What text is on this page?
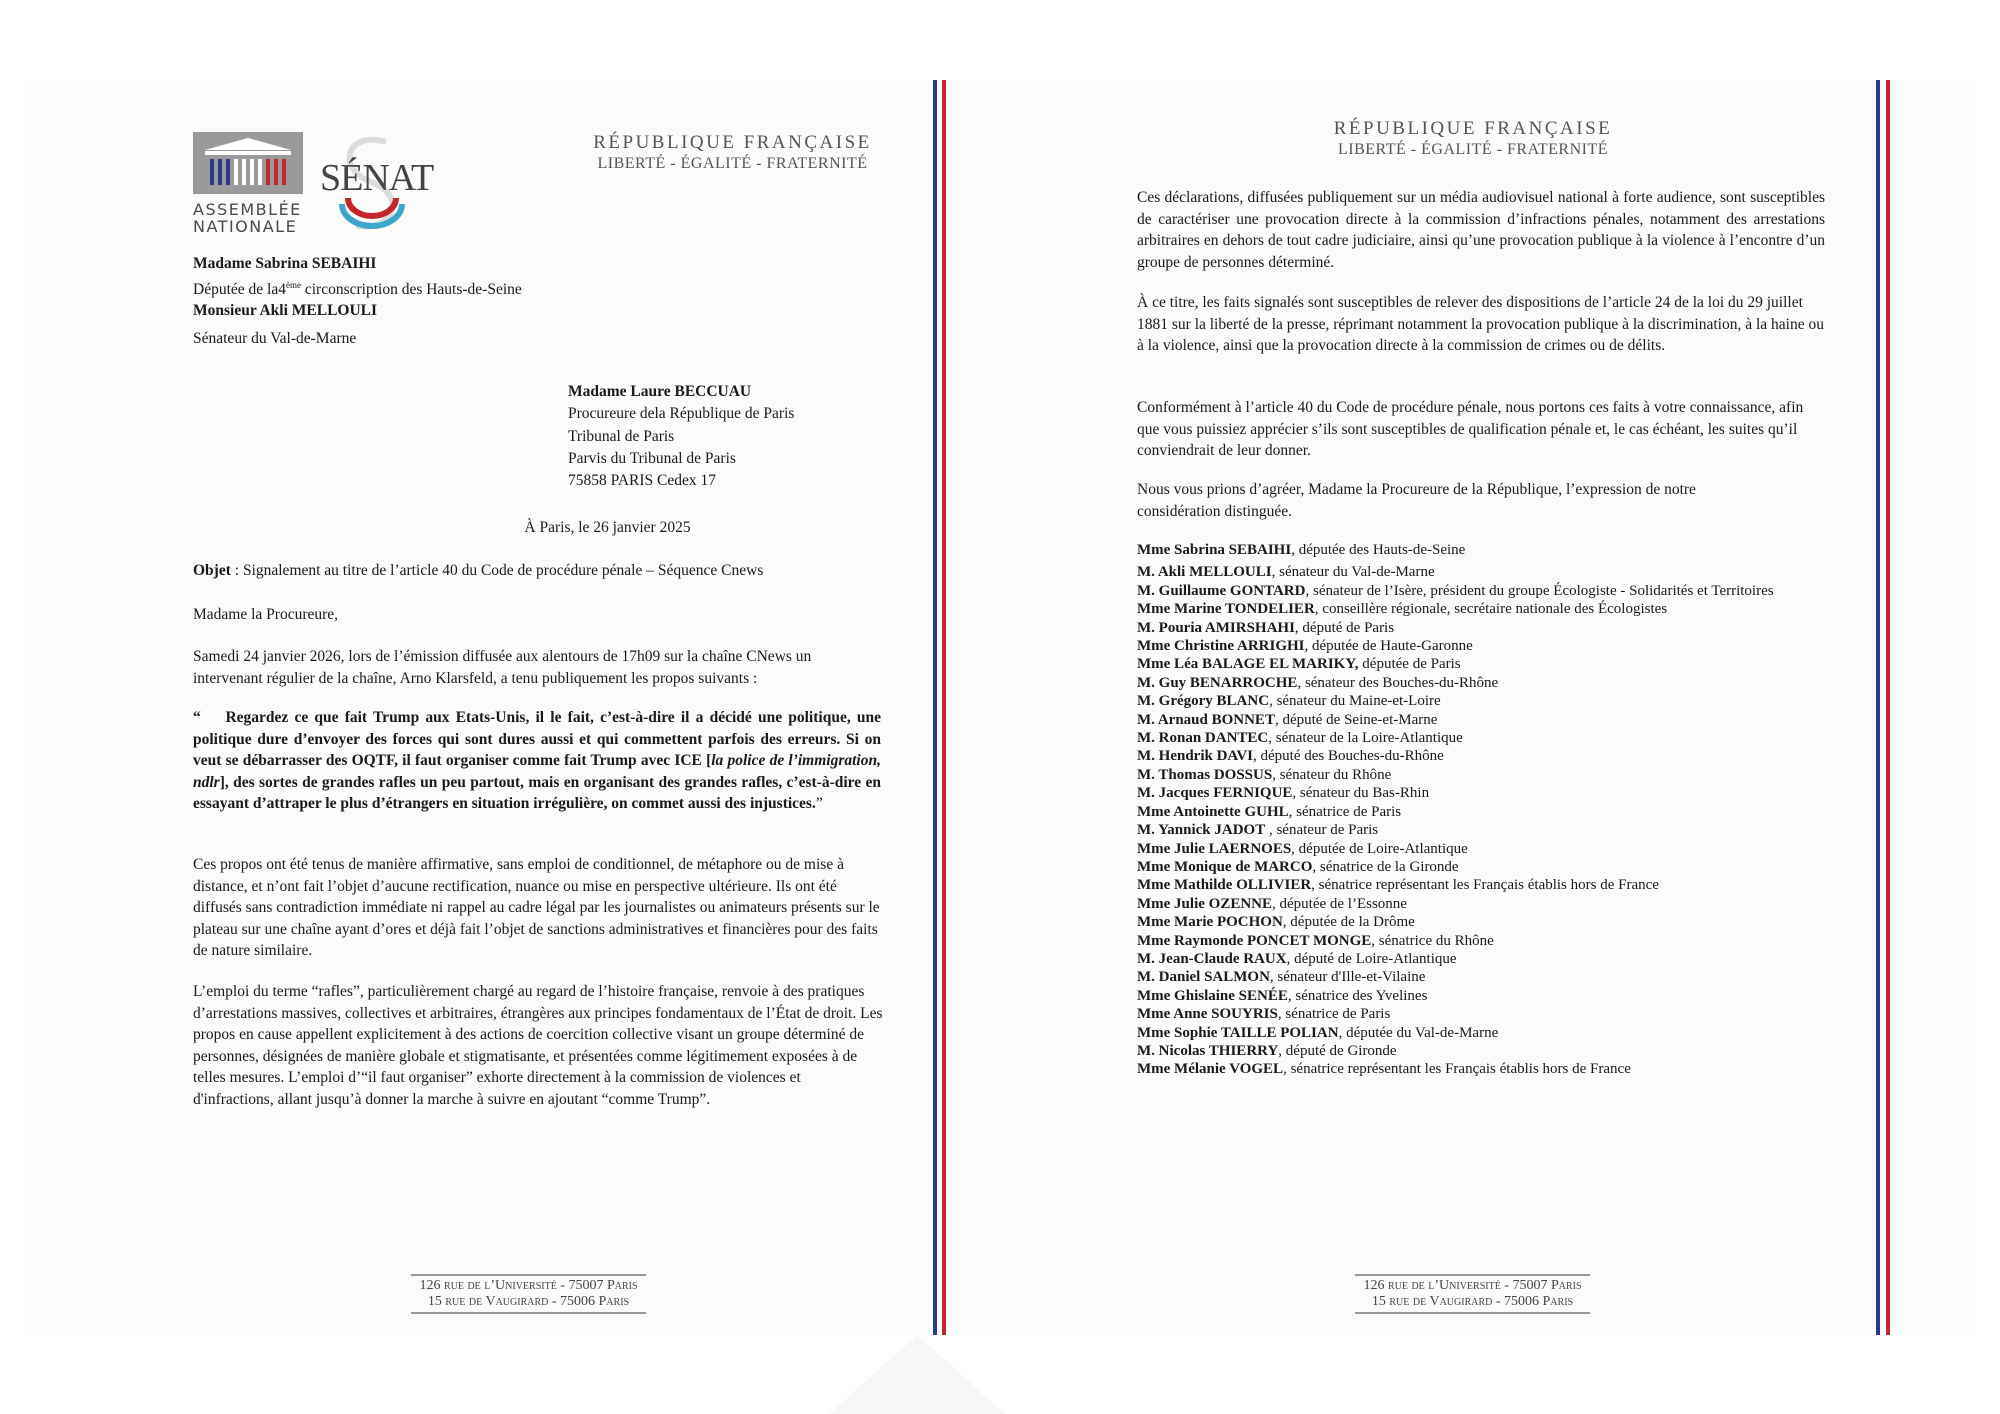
ASSEMBLÉE
NATIONALE
SÉNAT
RÉPUBLIQUE FRANÇAISE
LIBERTÉ - ÉGALITÉ - FRATERNITÉ
Madame Sabrina SEBAIHI
Députée de la4ème circonscription des Hauts-de-Seine
Monsieur Akli MELLOULI
Sénateur du Val-de-Marne
Madame Laure BECCUAU
Procureure dela République de Paris
Tribunal de Paris
Parvis du Tribunal de Paris
75858 PARIS Cedex 17
À Paris, le 26 janvier 2025
Objet : Signalement au titre de l’article 40 du Code de procédure pénale – Séquence Cnews
Madame la Procureure,
Samedi 24 janvier 2026, lors de l’émission diffusée aux alentours de 17h09 sur la chaîne CNews un intervenant régulier de la chaîne, Arno Klarsfeld, a tenu publiquement les propos suivants :
“ Regardez ce que fait Trump aux Etats-Unis, il le fait, c’est-à-dire il a décidé une politique, une politique dure d’envoyer des forces qui sont dures aussi et qui commettent parfois des erreurs. Si on veut se débarrasser des OQTF, il faut organiser comme fait Trump avec ICE [la police de l’immigration, ndlr], des sortes de grandes rafles un peu partout, mais en organisant des grandes rafles, c’est-à-dire en essayant d’attraper le plus d’étrangers en situation irrégulière, on commet aussi des injustices.”
Ces propos ont été tenus de manière affirmative, sans emploi de conditionnel, de métaphore ou de mise à distance, et n’ont fait l’objet d’aucune rectification, nuance ou mise en perspective ultérieure. Ils ont été diffusés sans contradiction immédiate ni rappel au cadre légal par les journalistes ou animateurs présents sur le plateau sur une chaîne ayant d’ores et déjà fait l’objet de sanctions administratives et financières pour des faits de nature similaire.
L’emploi du terme “rafles”, particulièrement chargé au regard de l’histoire française, renvoie à des pratiques d’arrestations massives, collectives et arbitraires, étrangères aux principes fondamentaux de l’État de droit. Les propos en cause appellent explicitement à des actions de coercition collective visant un groupe déterminé de personnes, désignées de manière globale et stigmatisante, et présentées comme légitimement exposées à de telles mesures. L’emploi d’“il faut organiser” exhorte directement à la commission de violences et d'infractions, allant jusqu’à donner la marche à suivre en ajoutant “comme Trump”.
126 rue de l’Université - 75007 Paris
15 rue de Vaugirard - 75006 Paris
RÉPUBLIQUE FRANÇAISE
LIBERTÉ - ÉGALITÉ - FRATERNITÉ
Ces déclarations, diffusées publiquement sur un média audiovisuel national à forte audience, sont susceptibles de caractériser une provocation directe à la commission d’infractions pénales, notamment des arrestations arbitraires en dehors de tout cadre judiciaire, ainsi qu’une provocation publique à la violence à l’encontre d’un groupe de personnes déterminé.
À ce titre, les faits signalés sont susceptibles de relever des dispositions de l’article 24 de la loi du 29 juillet 1881 sur la liberté de la presse, réprimant notamment la provocation publique à la discrimination, à la haine ou à la violence, ainsi que la provocation directe à la commission de crimes ou de délits.
Conformément à l’article 40 du Code de procédure pénale, nous portons ces faits à votre connaissance, afin que vous puissiez apprécier s’ils sont susceptibles de qualification pénale et, le cas échéant, les suites qu’il conviendrait de leur donner.
Nous vous prions d’agréer, Madame la Procureure de la République, l’expression de notre considération distinguée.
Mme Sabrina SEBAIHI, députée des Hauts-de-Seine
M. Akli MELLOULI, sénateur du Val-de-Marne
M. Guillaume GONTARD, sénateur de l’Isère, président du groupe Écologiste - Solidarités et Territoires
Mme Marine TONDELIER, conseillère régionale, secrétaire nationale des Écologistes
M. Pouria AMIRSHAHI, député de Paris
Mme Christine ARRIGHI, députée de Haute-Garonne
Mme Léa BALAGE EL MARIKY, députée de Paris
M. Guy BENARROCHE, sénateur des Bouches-du-Rhône
M. Grégory BLANC, sénateur du Maine-et-Loire
M. Arnaud BONNET, député de Seine-et-Marne
M. Ronan DANTEC, sénateur de la Loire-Atlantique
M. Hendrik DAVI, député des Bouches-du-Rhône
M. Thomas DOSSUS, sénateur du Rhône
M. Jacques FERNIQUE, sénateur du Bas-Rhin
Mme Antoinette GUHL, sénatrice de Paris
M. Yannick JADOT , sénateur de Paris
Mme Julie LAERNOES, députée de Loire-Atlantique
Mme Monique de MARCO, sénatrice de la Gironde
Mme Mathilde OLLIVIER, sénatrice représentant les Français établis hors de France
Mme Julie OZENNE, députée de l’Essonne
Mme Marie POCHON, députée de la Drôme
Mme Raymonde PONCET MONGE, sénatrice du Rhône
M. Jean-Claude RAUX, député de Loire-Atlantique
M. Daniel SALMON, sénateur d'Ille-et-Vilaine
Mme Ghislaine SENÉE, sénatrice des Yvelines
Mme Anne SOUYRIS, sénatrice de Paris
Mme Sophie TAILLE POLIAN, députée du Val-de-Marne
M. Nicolas THIERRY, député de Gironde
Mme Mélanie VOGEL, sénatrice représentant les Français établis hors de France
126 rue de l’Université - 75007 Paris
15 rue de Vaugirard - 75006 Paris
